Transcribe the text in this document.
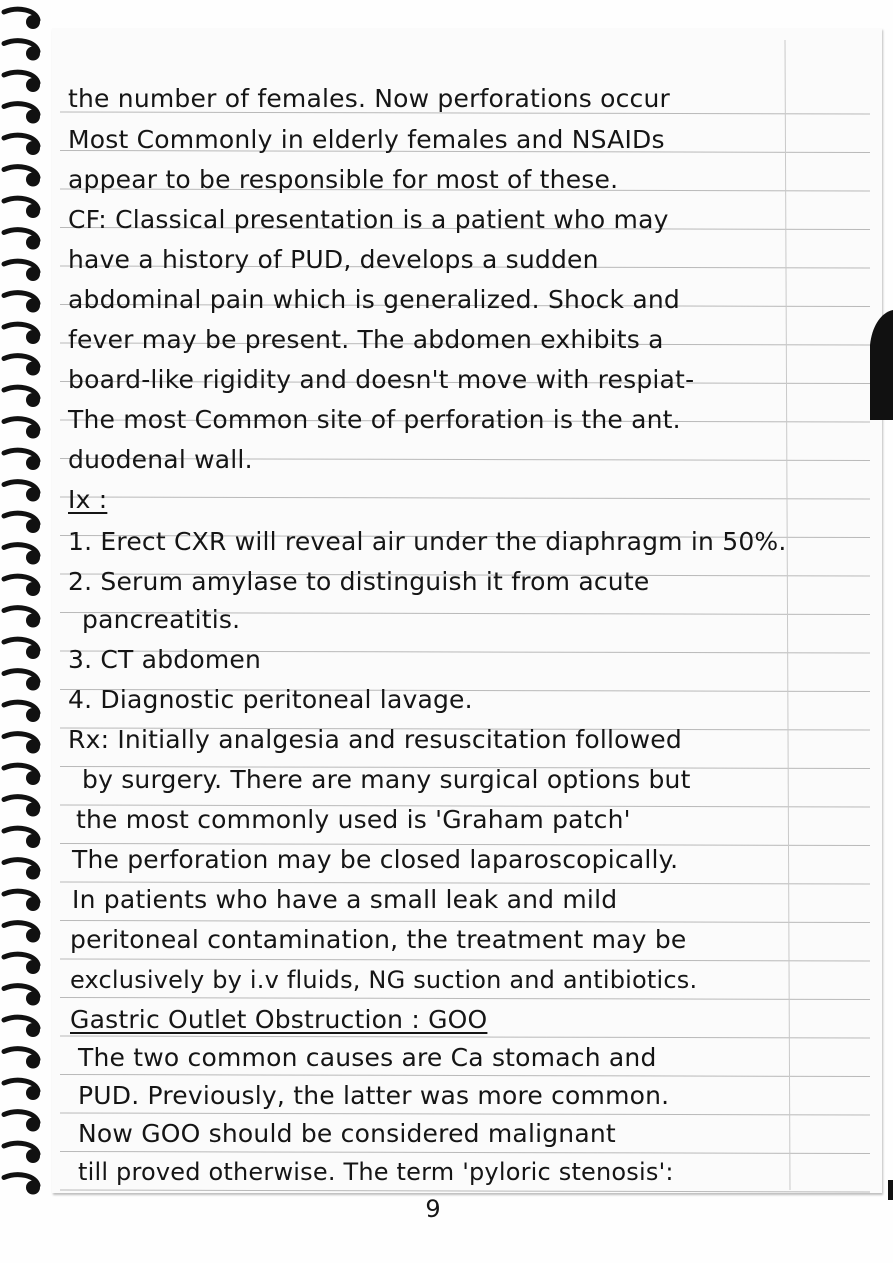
the number of females. Now perforations occur
Most Commonly in elderly females and NSAIDs
appear to be responsible for most of these.
CF: Classical presentation is a patient who may
have a history of PUD, develops a sudden
abdominal pain which is generalized. Shock and
fever may be present. The abdomen exhibits a
board-like rigidity and doesn't move with respiat-
The most Common site of perforation is the ant.
duodenal wall.
Ix :
1. Erect CXR will reveal air under the diaphragm in 50%.
2. Serum amylase to distinguish it from acute
pancreatitis.
3. CT abdomen
4. Diagnostic peritoneal lavage.
Rx: Initially analgesia and resuscitation followed
by surgery. There are many surgical options but
the most commonly used is 'Graham patch'
The perforation may be closed laparoscopically.
In patients who have a small leak and mild
peritoneal contamination, the treatment may be
exclusively by i.v fluids, NG suction and antibiotics.
Gastric Outlet Obstruction : GOO
The two common causes are Ca stomach and
PUD. Previously, the latter was more common.
Now GOO should be considered malignant
till proved otherwise. The term 'pyloric stenosis':
9
